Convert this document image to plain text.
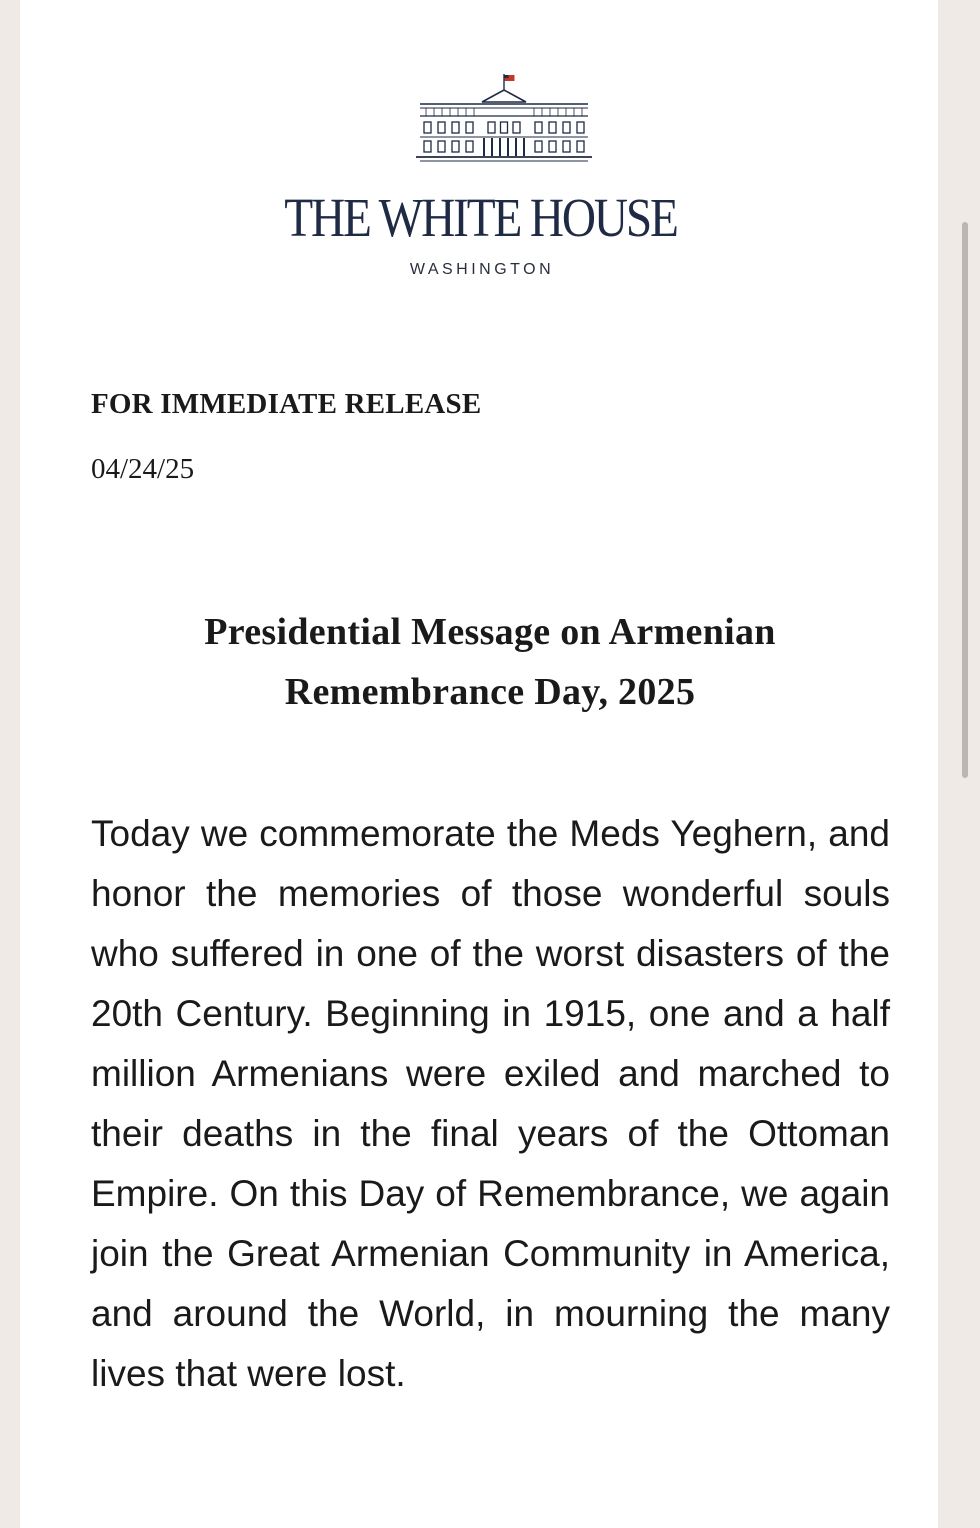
THE WHITE HOUSE
WASHINGTON
FOR IMMEDIATE RELEASE
04/24/25
Presidential Message on Armenian
Remembrance Day, 2025

Today we commemorate the Meds Yeghern, and honor the memories of those wonderful souls who suffered in one of the worst disasters of the 20th Century. Beginning in 1915, one and a half million Armenians were exiled and marched to their deaths in the final years of the Ottoman Empire. On this Day of Remembrance, we again join the Great Armenian Community in America, and around the World, in mourning the many lives that were lost.
